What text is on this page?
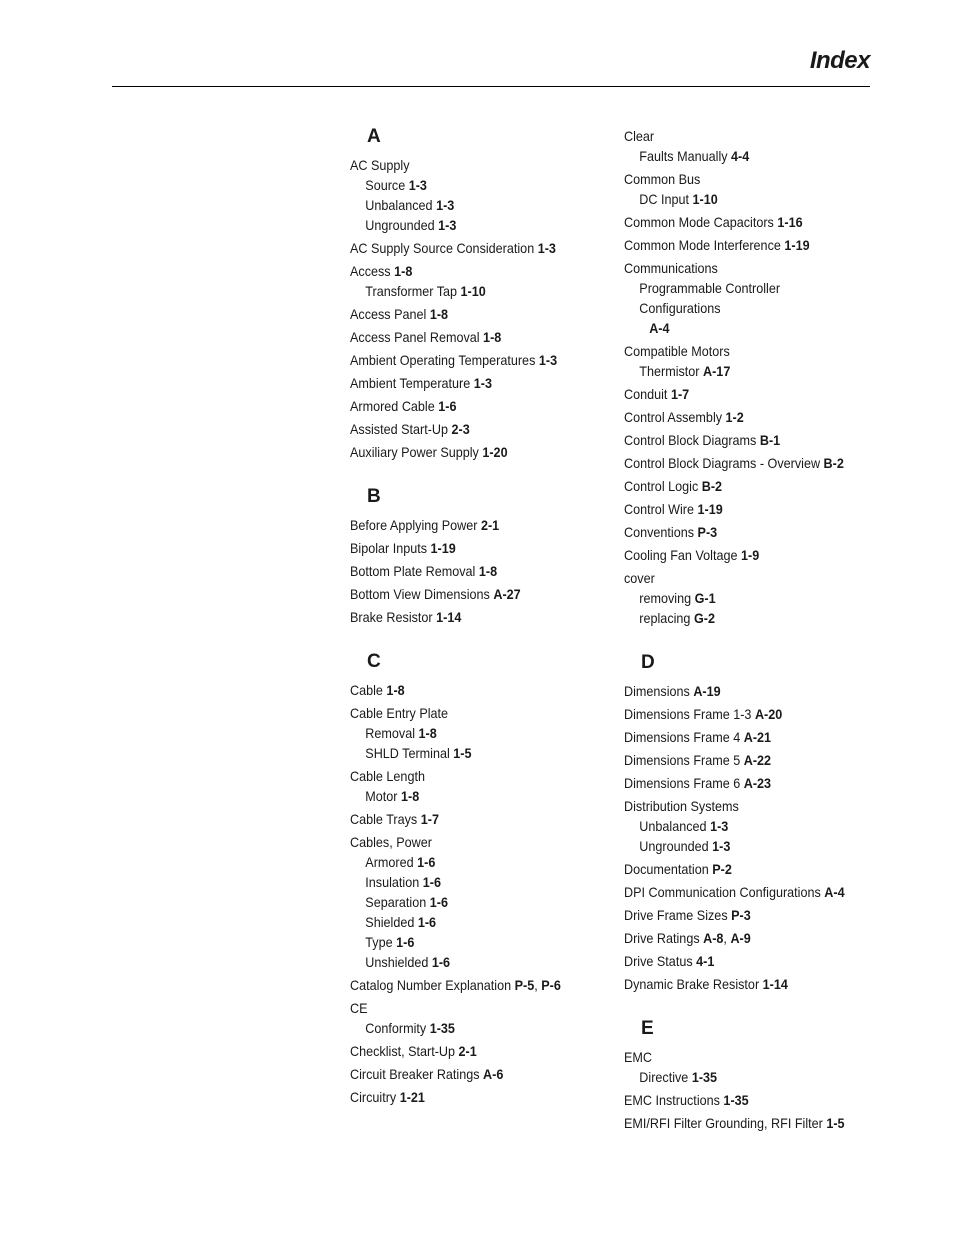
Index
A
AC Supply
Source 1-3
Unbalanced 1-3
Ungrounded 1-3
AC Supply Source Consideration 1-3
Access 1-8
Transformer Tap 1-10
Access Panel 1-8
Access Panel Removal 1-8
Ambient Operating Temperatures 1-3
Ambient Temperature 1-3
Armored Cable 1-6
Assisted Start-Up 2-3
Auxiliary Power Supply 1-20
B
Before Applying Power 2-1
Bipolar Inputs 1-19
Bottom Plate Removal 1-8
Bottom View Dimensions A-27
Brake Resistor 1-14
C
Cable 1-8
Cable Entry Plate
Removal 1-8
SHLD Terminal 1-5
Cable Length
Motor 1-8
Cable Trays 1-7
Cables, Power
Armored 1-6
Insulation 1-6
Separation 1-6
Shielded 1-6
Type 1-6
Unshielded 1-6
Catalog Number Explanation P-5, P-6
CE
Conformity 1-35
Checklist, Start-Up 2-1
Circuit Breaker Ratings A-6
Circuitry 1-21
Clear
Faults Manually 4-4
Common Bus
DC Input 1-10
Common Mode Capacitors 1-16
Common Mode Interference 1-19
Communications
Programmable Controller Configurations
A-4
Compatible Motors
Thermistor A-17
Conduit 1-7
Control Assembly 1-2
Control Block Diagrams B-1
Control Block Diagrams - Overview B-2
Control Logic B-2
Control Wire 1-19
Conventions P-3
Cooling Fan Voltage 1-9
cover
removing G-1
replacing G-2
D
Dimensions A-19
Dimensions Frame 1-3 A-20
Dimensions Frame 4 A-21
Dimensions Frame 5 A-22
Dimensions Frame 6 A-23
Distribution Systems
Unbalanced 1-3
Ungrounded 1-3
Documentation P-2
DPI Communication Configurations A-4
Drive Frame Sizes P-3
Drive Ratings A-8, A-9
Drive Status 4-1
Dynamic Brake Resistor 1-14
E
EMC
Directive 1-35
EMC Instructions 1-35
EMI/RFI Filter Grounding, RFI Filter 1-5
